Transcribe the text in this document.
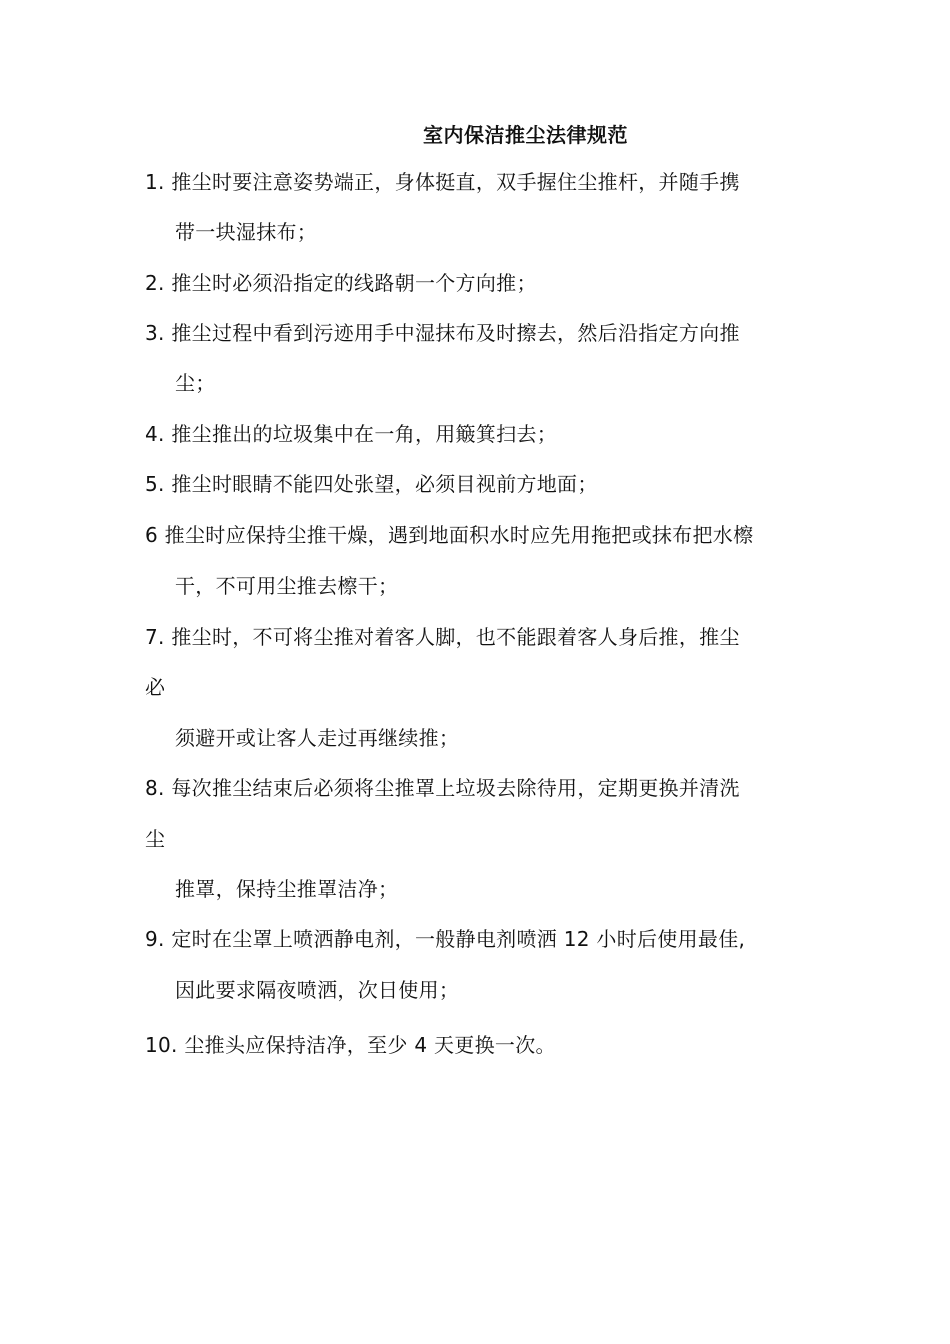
室内保洁推尘法律规范
1. 推尘时要注意姿势端正，身体挺直，双手握住尘推杆，并随手携
带一块湿抹布；
2. 推尘时必须沿指定的线路朝一个方向推；
3. 推尘过程中看到污迹用手中湿抹布及时擦去，然后沿指定方向推
尘；
4. 推尘推出的垃圾集中在一角，用簸箕扫去；
5. 推尘时眼睛不能四处张望，必须目视前方地面；
6 推尘时应保持尘推干燥，遇到地面积水时应先用拖把或抹布把水檫
干，不可用尘推去檫干；
7. 推尘时，不可将尘推对着客人脚，也不能跟着客人身后推，推尘
必
须避开或让客人走过再继续推；
8. 每次推尘结束后必须将尘推罩上垃圾去除待用，定期更换并清洗
尘
推罩，保持尘推罩洁净；
9. 定时在尘罩上喷洒静电剂，一般静电剂喷洒 12 小时后使用最佳,
因此要求隔夜喷洒，次日使用；
10. 尘推头应保持洁净，至少 4 天更换一次。
